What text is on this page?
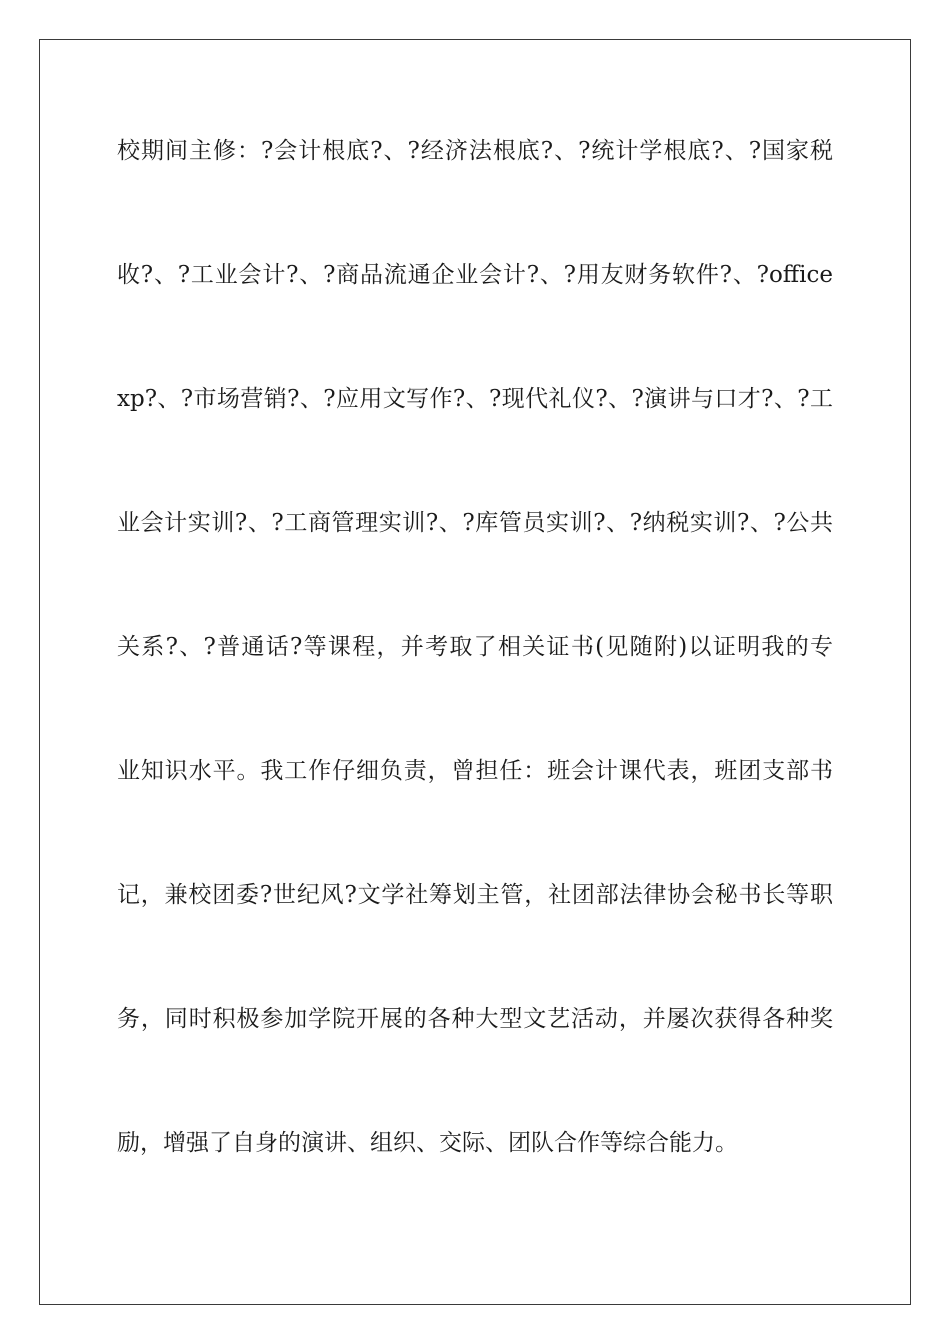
校期间主修：?会计根底?、?经济法根底?、?统计学根底?、?国家税
收?、?工业会计?、?商品流通企业会计?、?用友财务软件?、?office
xp?、?市场营销?、?应用文写作?、?现代礼仪?、?演讲与口才?、?工
业会计实训?、?工商管理实训?、?库管员实训?、?纳税实训?、?公共
关系?、?普通话?等课程，并考取了相关证书(见随附)以证明我的专
业知识水平。我工作仔细负责，曾担任：班会计课代表，班团支部书
记，兼校团委?世纪风?文学社筹划主管，社团部法律协会秘书长等职
务，同时积极参加学院开展的各种大型文艺活动，并屡次获得各种奖
励，增强了自身的演讲、组织、交际、团队合作等综合能力。
